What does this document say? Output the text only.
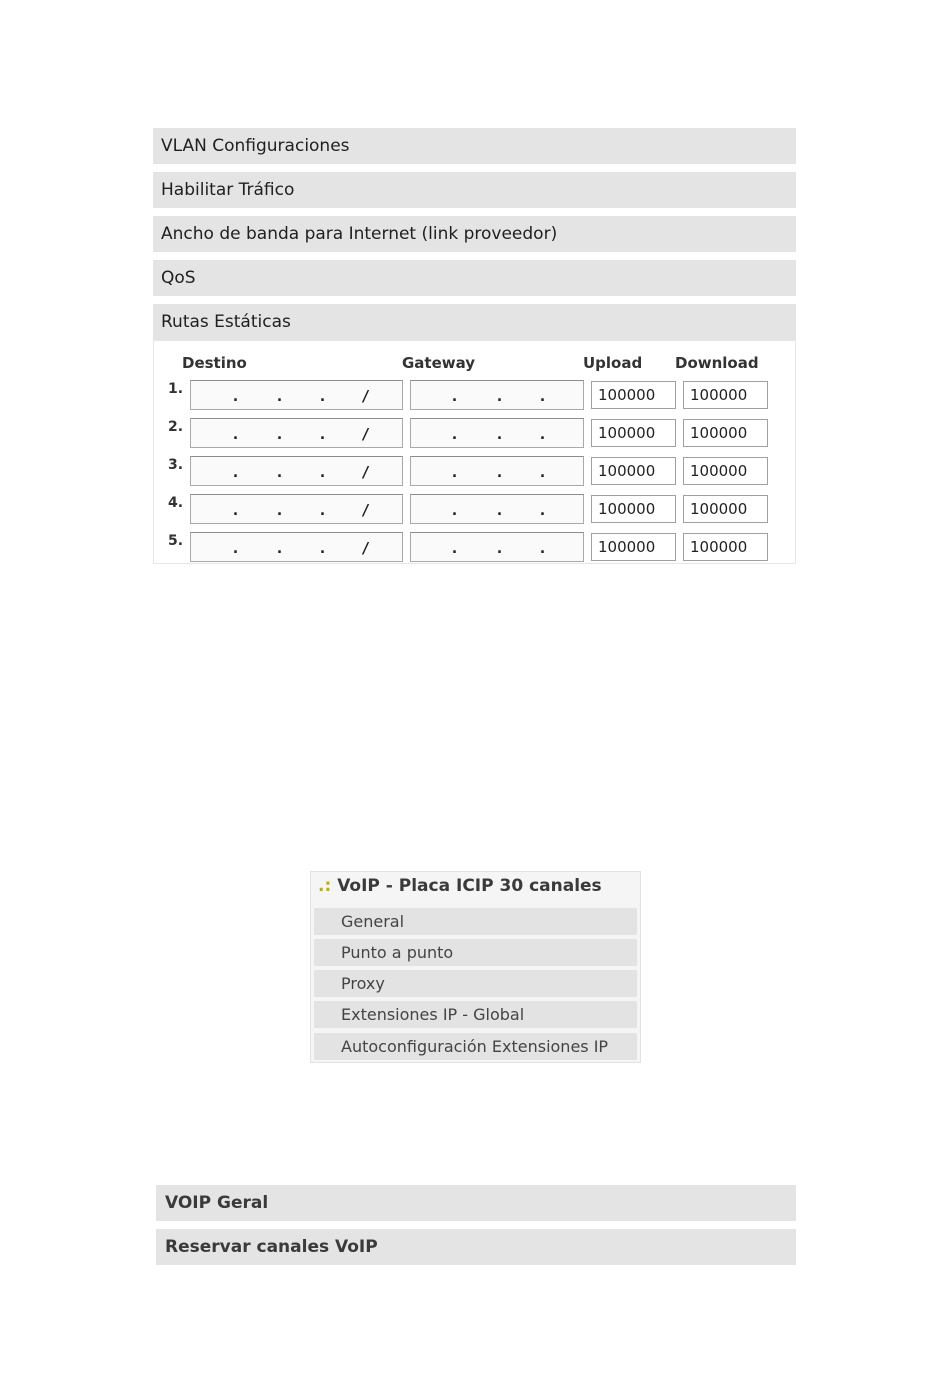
VLAN Configuraciones
Habilitar Tráfico
Ancho de banda para Internet (link proveedor)
QoS
Rutas Estáticas
Destino	Gateway	Upload Download
1.	. . . /	. . .	100000	100000
2.	. . . /	. . .	100000	100000
3.	. . . /	. . .	100000	100000
4.	. . . /	. . .	100000	100000
5.	. . . /	. . .	100000	100000
.: VoIP - Placa ICIP 30 canales
General
Punto a punto
Proxy
Extensiones IP - Global
Autoconfiguración Extensiones IP
VOIP Geral
Reservar canales VoIP
